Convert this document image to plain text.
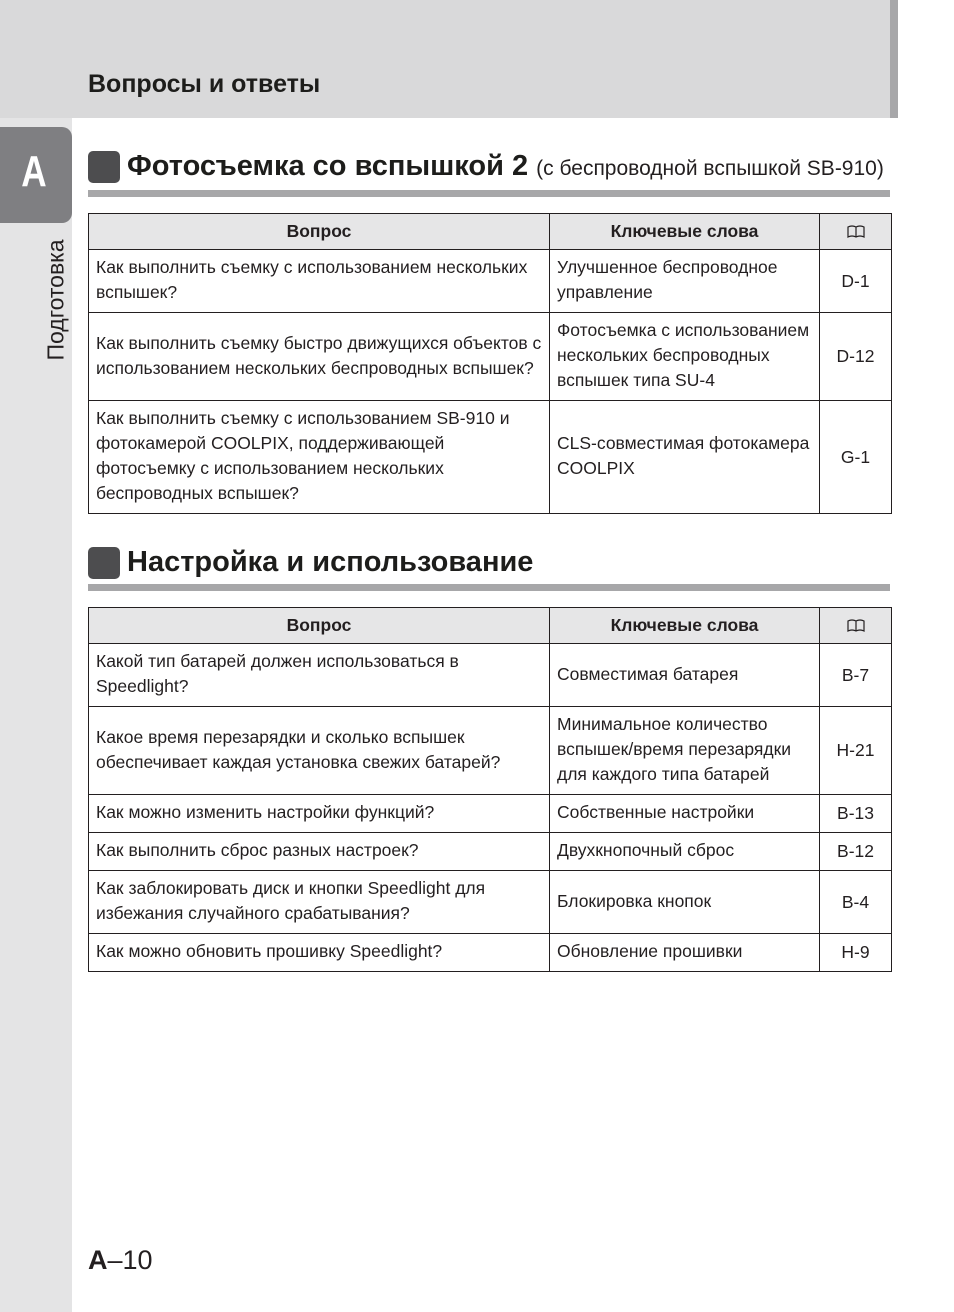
Вопросы и ответы
A
Подготовка
Фотосъемка со вспышкой 2 (с беспроводной вспышкой SB-910)
Вопрос	Ключевые слова	
Как выполнить съемку с использованием нескольких вспышек?	Улучшенное беспроводное управление	D-1
Как выполнить съемку быстро движущихся объектов с использованием нескольких беспроводных вспышек?	Фотосъемка с использованием нескольких беспроводных вспышек типа SU-4	D-12
Как выполнить съемку с использованием SB-910 и фотокамерой COOLPIX, поддерживающей фотосъемку с использованием нескольких беспроводных вспышек?	CLS-совместимая фотокамера COOLPIX	G-1
Настройка и использование
Вопрос	Ключевые слова	
Какой тип батарей должен использоваться в Speedlight?	Совместимая батарея	B-7
Какое время перезарядки и сколько вспышек обеспечивает каждая установка свежих батарей?	Минимальное количество вспышек/время перезарядки для каждого типа батарей	H-21
Как можно изменить настройки функций?	Собственные настройки	B-13
Как выполнить сброс разных настроек?	Двухкнопочный сброс	B-12
Как заблокировать диск и кнопки Speedlight для избежания случайного срабатывания?	Блокировка кнопок	B-4
Как можно обновить прошивку Speedlight?	Обновление прошивки	H-9
A–10
